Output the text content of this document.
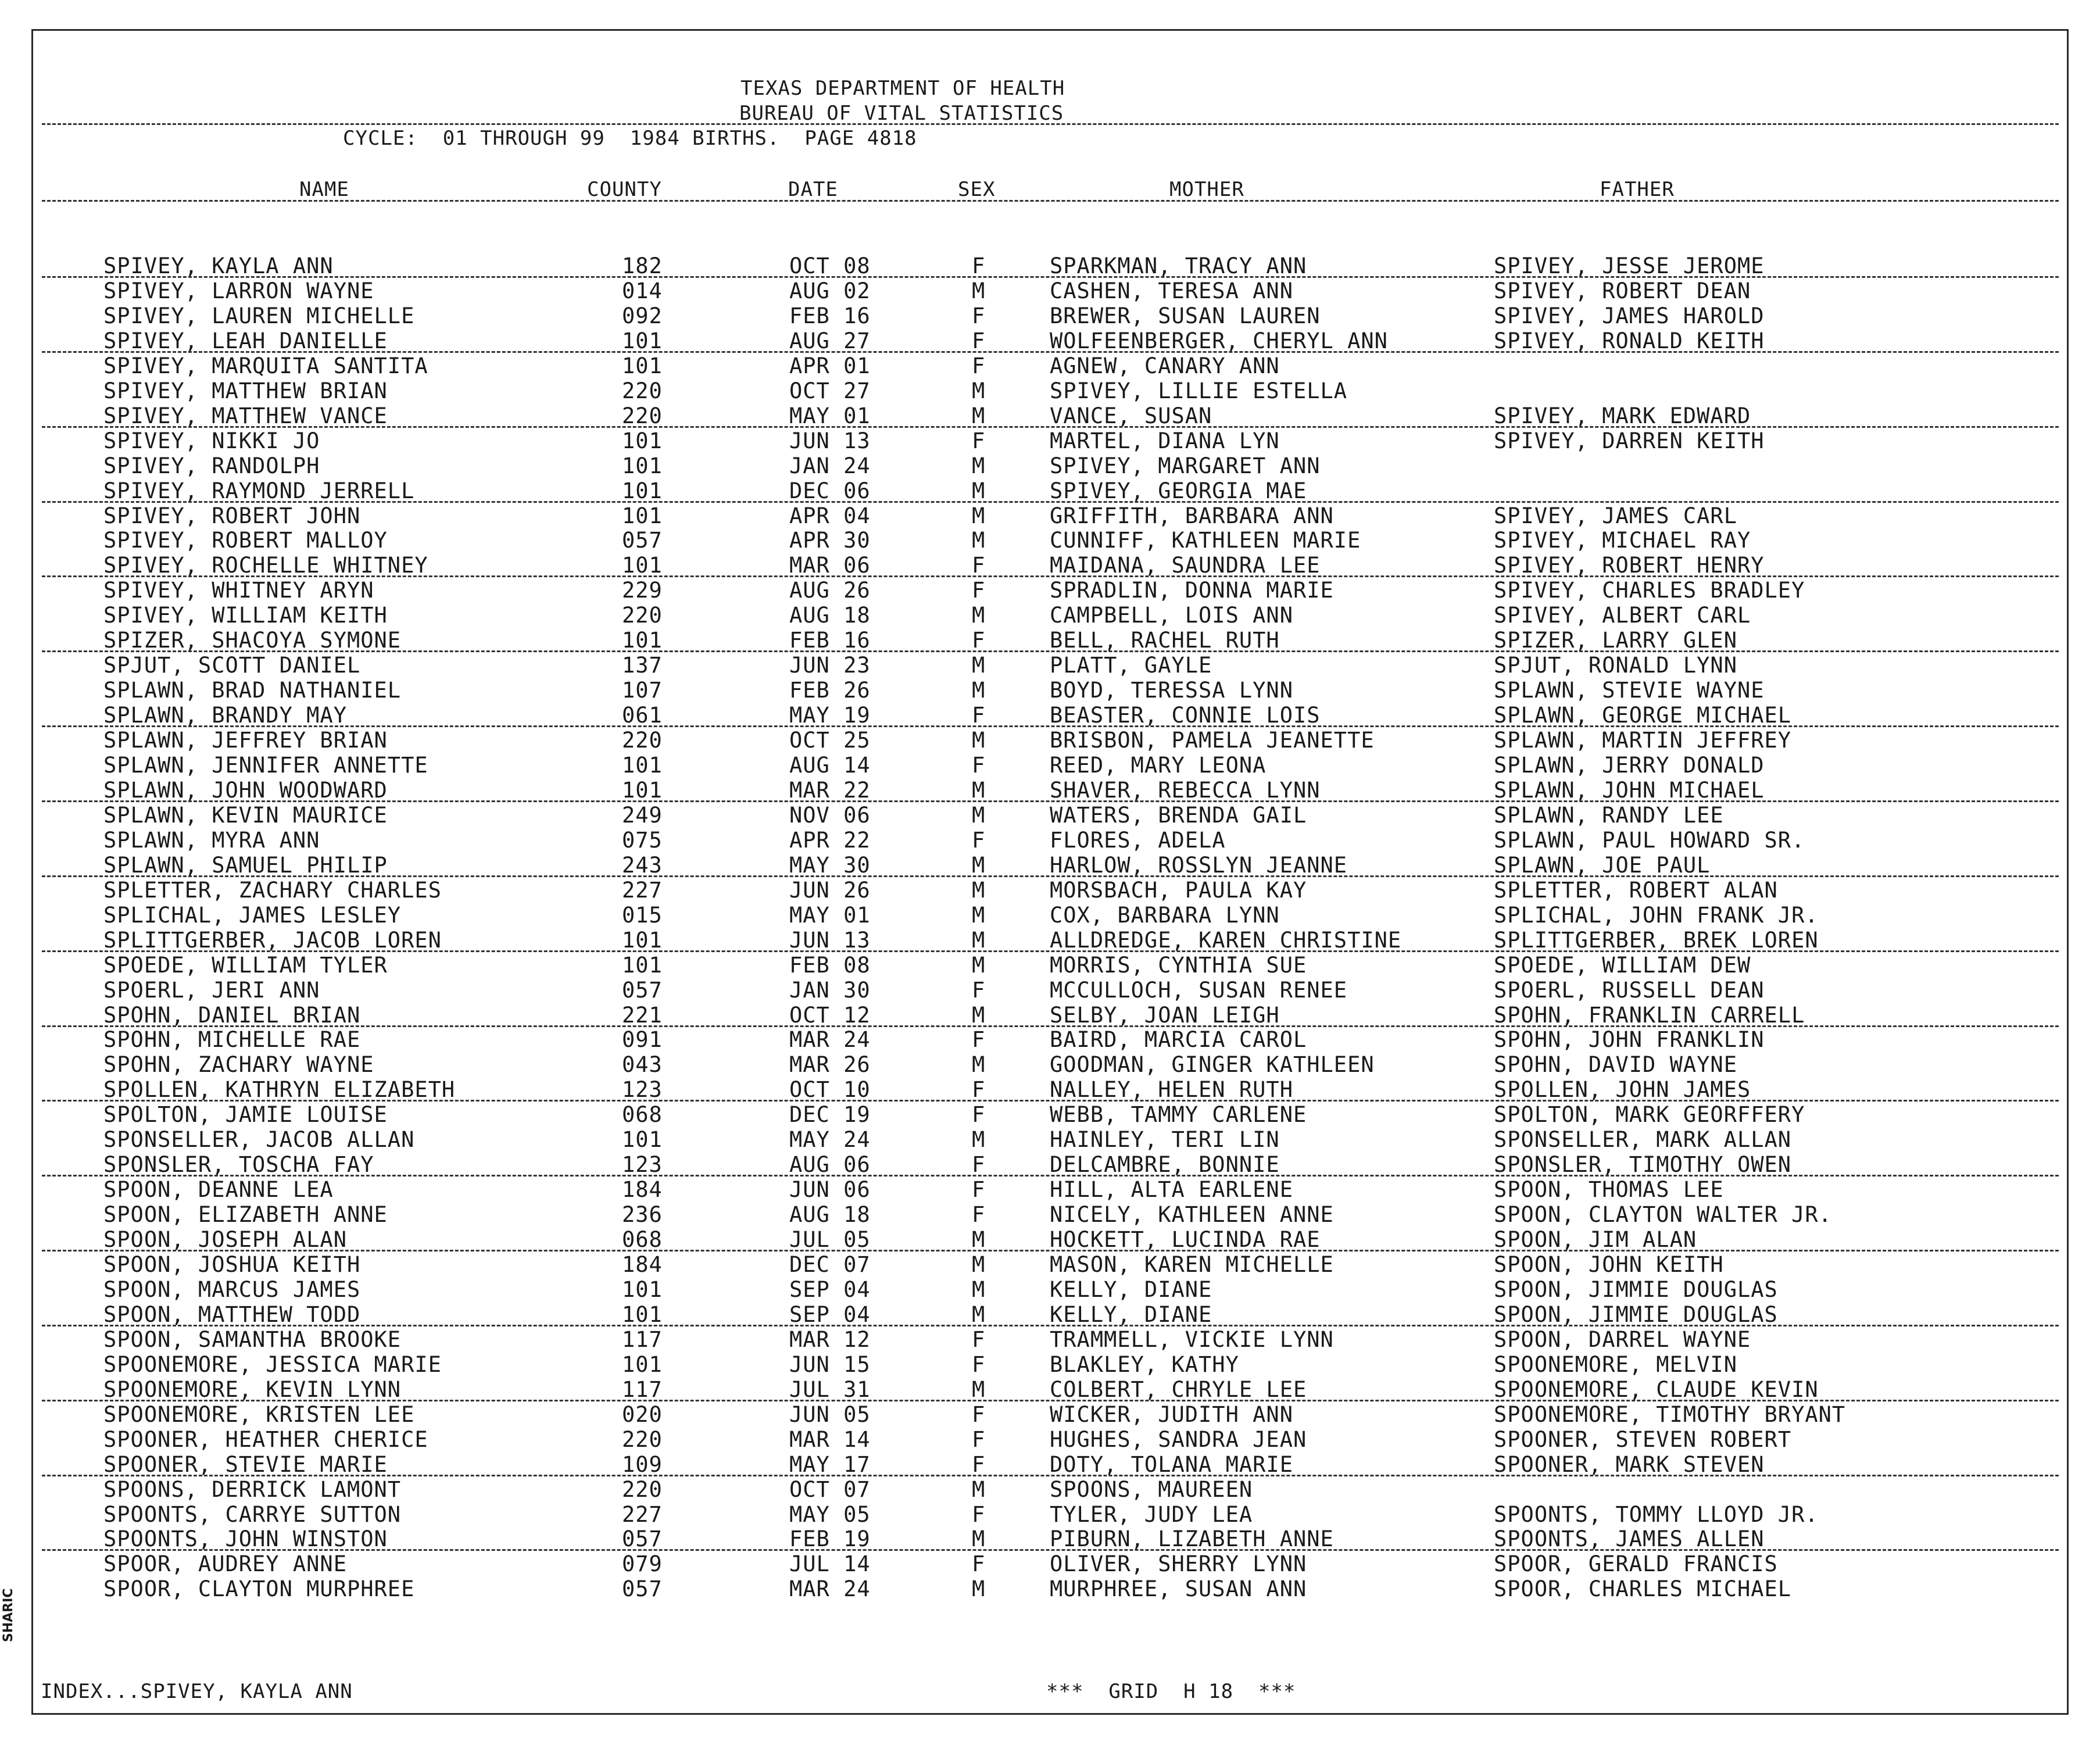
TEXAS DEPARTMENT OF HEALTH
BUREAU OF VITAL STATISTICS
CYCLE:  01 THROUGH 99  1984 BIRTHS.  PAGE 4818
NAME	COUNTY	DATE	SEX	MOTHER	FATHER
SPIVEY, KAYLA ANN	182	OCT 08	F	SPARKMAN, TRACY ANN	SPIVEY, JESSE JEROME
SPIVEY, LARRON WAYNE	014	AUG 02	M	CASHEN, TERESA ANN	SPIVEY, ROBERT DEAN
SPIVEY, LAUREN MICHELLE	092	FEB 16	F	BREWER, SUSAN LAUREN	SPIVEY, JAMES HAROLD
SPIVEY, LEAH DANIELLE	101	AUG 27	F	WOLFEENBERGER, CHERYL ANN	SPIVEY, RONALD KEITH
SPIVEY, MARQUITA SANTITA	101	APR 01	F	AGNEW, CANARY ANN
SPIVEY, MATTHEW BRIAN	220	OCT 27	M	SPIVEY, LILLIE ESTELLA
SPIVEY, MATTHEW VANCE	220	MAY 01	M	VANCE, SUSAN	SPIVEY, MARK EDWARD
SPIVEY, NIKKI JO	101	JUN 13	F	MARTEL, DIANA LYN	SPIVEY, DARREN KEITH
SPIVEY, RANDOLPH	101	JAN 24	M	SPIVEY, MARGARET ANN
SPIVEY, RAYMOND JERRELL	101	DEC 06	M	SPIVEY, GEORGIA MAE
SPIVEY, ROBERT JOHN	101	APR 04	M	GRIFFITH, BARBARA ANN	SPIVEY, JAMES CARL
SPIVEY, ROBERT MALLOY	057	APR 30	M	CUNNIFF, KATHLEEN MARIE	SPIVEY, MICHAEL RAY
SPIVEY, ROCHELLE WHITNEY	101	MAR 06	F	MAIDANA, SAUNDRA LEE	SPIVEY, ROBERT HENRY
SPIVEY, WHITNEY ARYN	229	AUG 26	F	SPRADLIN, DONNA MARIE	SPIVEY, CHARLES BRADLEY
SPIVEY, WILLIAM KEITH	220	AUG 18	M	CAMPBELL, LOIS ANN	SPIVEY, ALBERT CARL
SPIZER, SHACOYA SYMONE	101	FEB 16	F	BELL, RACHEL RUTH	SPIZER, LARRY GLEN
SPJUT, SCOTT DANIEL	137	JUN 23	M	PLATT, GAYLE	SPJUT, RONALD LYNN
SPLAWN, BRAD NATHANIEL	107	FEB 26	M	BOYD, TERESSA LYNN	SPLAWN, STEVIE WAYNE
SPLAWN, BRANDY MAY	061	MAY 19	F	BEASTER, CONNIE LOIS	SPLAWN, GEORGE MICHAEL
SPLAWN, JEFFREY BRIAN	220	OCT 25	M	BRISBON, PAMELA JEANETTE	SPLAWN, MARTIN JEFFREY
SPLAWN, JENNIFER ANNETTE	101	AUG 14	F	REED, MARY LEONA	SPLAWN, JERRY DONALD
SPLAWN, JOHN WOODWARD	101	MAR 22	M	SHAVER, REBECCA LYNN	SPLAWN, JOHN MICHAEL
SPLAWN, KEVIN MAURICE	249	NOV 06	M	WATERS, BRENDA GAIL	SPLAWN, RANDY LEE
SPLAWN, MYRA ANN	075	APR 22	F	FLORES, ADELA	SPLAWN, PAUL HOWARD SR.
SPLAWN, SAMUEL PHILIP	243	MAY 30	M	HARLOW, ROSSLYN JEANNE	SPLAWN, JOE PAUL
SPLETTER, ZACHARY CHARLES	227	JUN 26	M	MORSBACH, PAULA KAY	SPLETTER, ROBERT ALAN
SPLICHAL, JAMES LESLEY	015	MAY 01	M	COX, BARBARA LYNN	SPLICHAL, JOHN FRANK JR.
SPLITTGERBER, JACOB LOREN	101	JUN 13	M	ALLDREDGE, KAREN CHRISTINE	SPLITTGERBER, BREK LOREN
SPOEDE, WILLIAM TYLER	101	FEB 08	M	MORRIS, CYNTHIA SUE	SPOEDE, WILLIAM DEW
SPOERL, JERI ANN	057	JAN 30	F	MCCULLOCH, SUSAN RENEE	SPOERL, RUSSELL DEAN
SPOHN, DANIEL BRIAN	221	OCT 12	M	SELBY, JOAN LEIGH	SPOHN, FRANKLIN CARRELL
SPOHN, MICHELLE RAE	091	MAR 24	F	BAIRD, MARCIA CAROL	SPOHN, JOHN FRANKLIN
SPOHN, ZACHARY WAYNE	043	MAR 26	M	GOODMAN, GINGER KATHLEEN	SPOHN, DAVID WAYNE
SPOLLEN, KATHRYN ELIZABETH	123	OCT 10	F	NALLEY, HELEN RUTH	SPOLLEN, JOHN JAMES
SPOLTON, JAMIE LOUISE	068	DEC 19	F	WEBB, TAMMY CARLENE	SPOLTON, MARK GEORFFERY
SPONSELLER, JACOB ALLAN	101	MAY 24	M	HAINLEY, TERI LIN	SPONSELLER, MARK ALLAN
SPONSLER, TOSCHA FAY	123	AUG 06	F	DELCAMBRE, BONNIE	SPONSLER, TIMOTHY OWEN
SPOON, DEANNE LEA	184	JUN 06	F	HILL, ALTA EARLENE	SPOON, THOMAS LEE
SPOON, ELIZABETH ANNE	236	AUG 18	F	NICELY, KATHLEEN ANNE	SPOON, CLAYTON WALTER JR.
SPOON, JOSEPH ALAN	068	JUL 05	M	HOCKETT, LUCINDA RAE	SPOON, JIM ALAN
SPOON, JOSHUA KEITH	184	DEC 07	M	MASON, KAREN MICHELLE	SPOON, JOHN KEITH
SPOON, MARCUS JAMES	101	SEP 04	M	KELLY, DIANE	SPOON, JIMMIE DOUGLAS
SPOON, MATTHEW TODD	101	SEP 04	M	KELLY, DIANE	SPOON, JIMMIE DOUGLAS
SPOON, SAMANTHA BROOKE	117	MAR 12	F	TRAMMELL, VICKIE LYNN	SPOON, DARREL WAYNE
SPOONEMORE, JESSICA MARIE	101	JUN 15	F	BLAKLEY, KATHY	SPOONEMORE, MELVIN
SPOONEMORE, KEVIN LYNN	117	JUL 31	M	COLBERT, CHRYLE LEE	SPOONEMORE, CLAUDE KEVIN
SPOONEMORE, KRISTEN LEE	020	JUN 05	F	WICKER, JUDITH ANN	SPOONEMORE, TIMOTHY BRYANT
SPOONER, HEATHER CHERICE	220	MAR 14	F	HUGHES, SANDRA JEAN	SPOONER, STEVEN ROBERT
SPOONER, STEVIE MARIE	109	MAY 17	F	DOTY, TOLANA MARIE	SPOONER, MARK STEVEN
SPOONS, DERRICK LAMONT	220	OCT 07	M	SPOONS, MAUREEN
SPOONTS, CARRYE SUTTON	227	MAY 05	F	TYLER, JUDY LEA	SPOONTS, TOMMY LLOYD JR.
SPOONTS, JOHN WINSTON	057	FEB 19	M	PIBURN, LIZABETH ANNE	SPOONTS, JAMES ALLEN
SPOOR, AUDREY ANNE	079	JUL 14	F	OLIVER, SHERRY LYNN	SPOOR, GERALD FRANCIS
SPOOR, CLAYTON MURPHREE	057	MAR 24	M	MURPHREE, SUSAN ANN	SPOOR, CHARLES MICHAEL
INDEX...SPIVEY, KAYLA ANN	***  GRID  H 18  ***
SHARIC
